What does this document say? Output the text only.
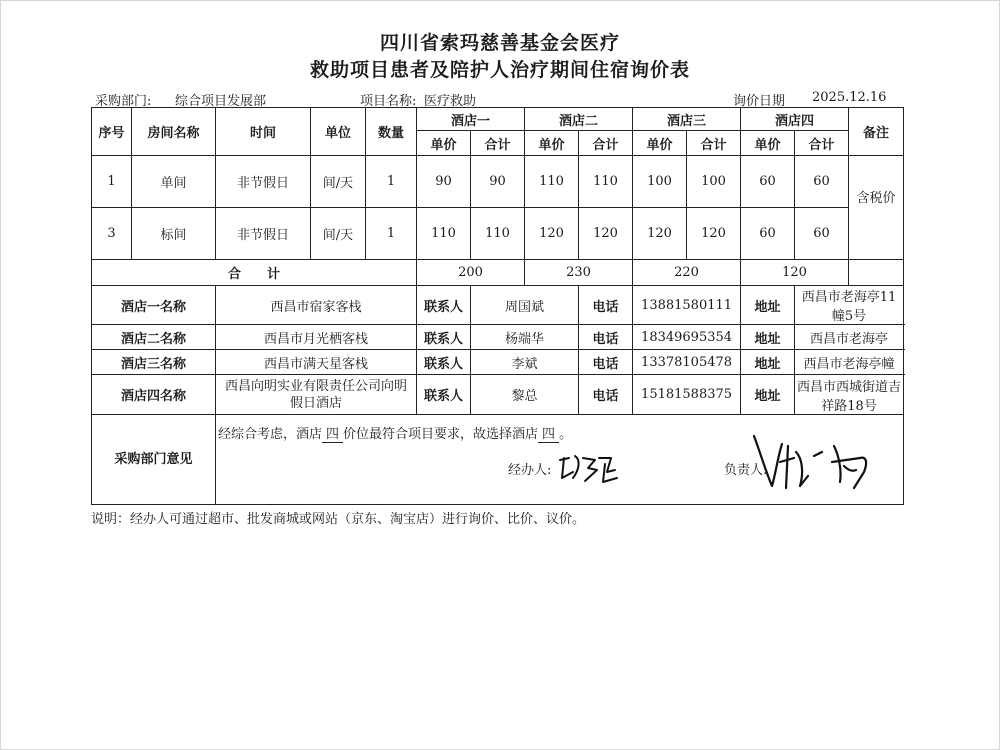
四川省索玛慈善基金会医疗
救助项目患者及陪护人治疗期间住宿询价表
采购部门: 综合项目发展部	项目名称: 医疗救助	询价日期 2025.12.16
序号	房间名称	时间	单位	数量	酒店一		酒店二		酒店三		酒店四		备注
					单价	合计	单价	合计	单价	合计	单价	合计	
1	单间	非节假日	间/天	1	90	90	110	110	100	100	60	60	含税价

3	标间	非节假日	间/天	1	110	110	120	120	120	120	60	60	
合　　计					200		230		220		120		
酒店一名称		西昌市宿家客栈			联系人	周国斌		电话	13881580111		地址	西昌市老海亭11幢5号	
酒店二名称		西昌市月光栖客栈			联系人	杨端华		电话	18349695354		地址	西昌市老海亭	
酒店三名称		西昌市满天星客栈			联系人	李斌		电话	13378105478		地址	西昌市老海亭幢	
酒店四名称		西昌向明实业有限责任公司向明假日酒店			联系人	黎总		电话	15181588375		地址	西昌市西城街道吉祥路18号	
采购部门意见		经综合考虑，酒店 四 价位最符合项目要求，故选择酒店 四 。											
经办人:	负责人:
说明：经办人可通过超市、批发商城或网站（京东、淘宝店）进行询价、比价、议价。
